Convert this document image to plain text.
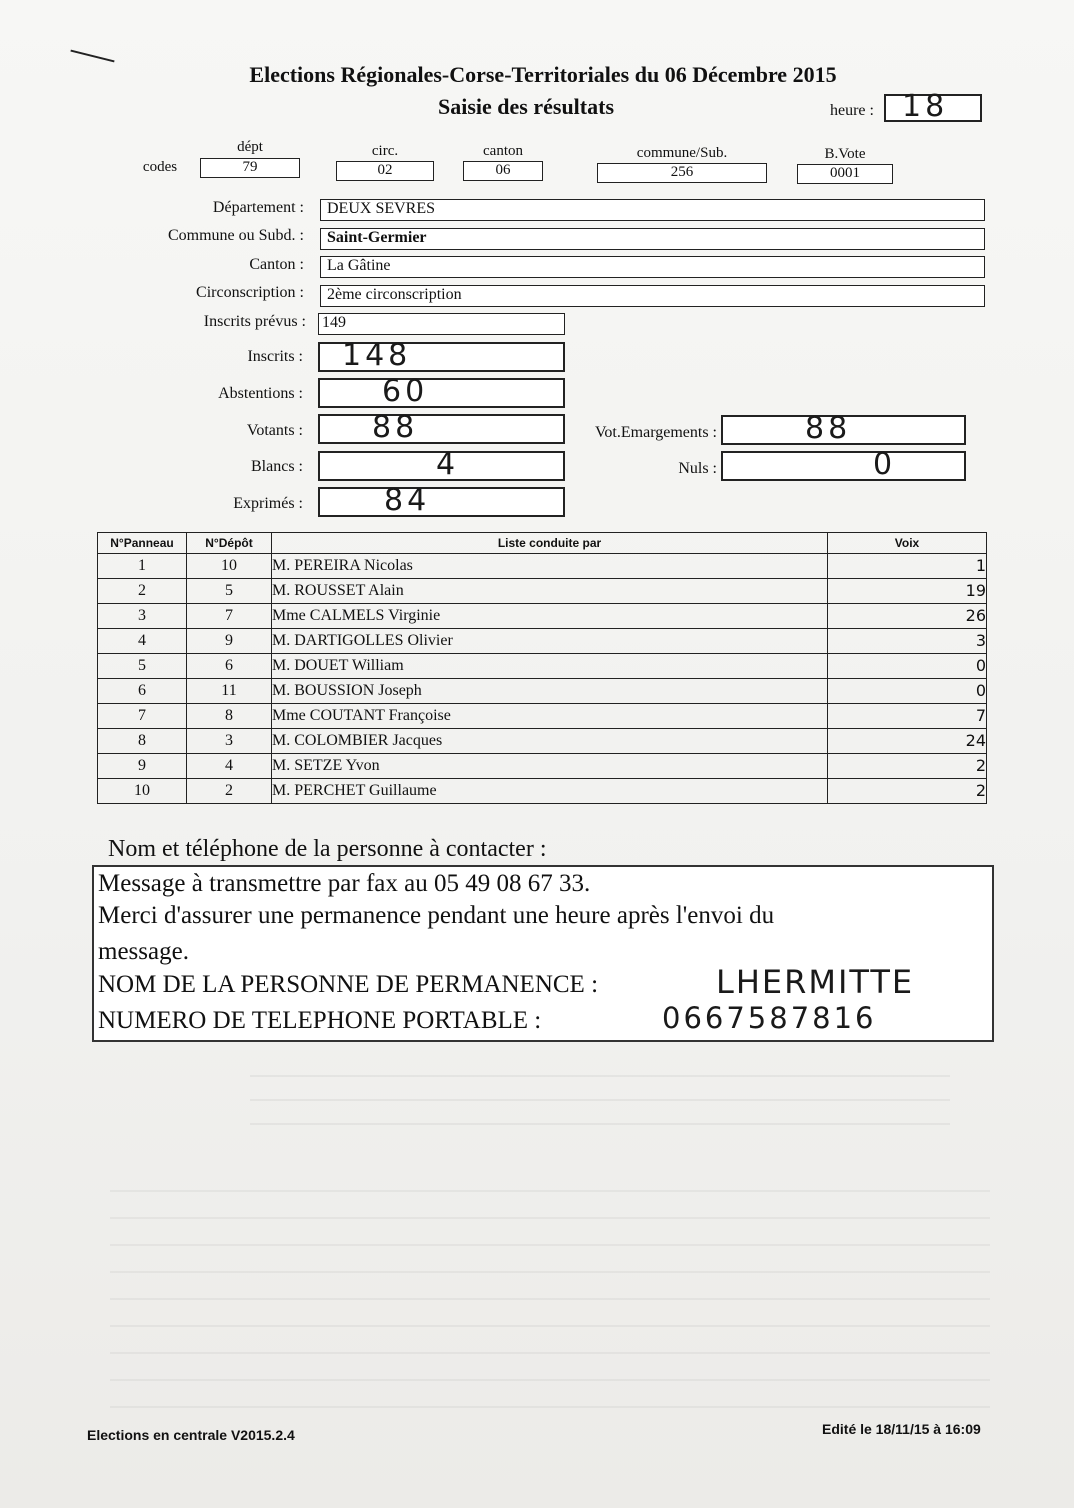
Elections Régionales-Corse-Territoriales du 06 Décembre 2015
Saisie des résultats	heure : 18
codes
dépt
79
circ.
02
canton
06
commune/Sub.
256
B.Vote
0001
Département : DEUX SEVRES
Commune ou Subd. : Saint-Germier
Canton : La Gâtine
Circonscription : 2ème circonscription
Inscrits prévus : 149
Inscrits : 148
Abstentions :	60
Votants : 88	Vot.Emargements :	88
Blancs :	4	Nuls :	0
Exprimés :	84
N°Panneau	N°Dépôt	Liste conduite par	Voix
1	10	M. PEREIRA Nicolas	1
2	5	M. ROUSSET Alain	19
3	7	Mme CALMELS Virginie	26
4	9	M. DARTIGOLLES Olivier	3
5	6	M. DOUET William	0
6	11	M. BOUSSION Joseph	0
7	8	Mme COUTANT Françoise	7
8	3	M. COLOMBIER Jacques	24
9	4	M. SETZE Yvon	2
10	2	M. PERCHET Guillaume	2
Nom et téléphone de la personne à contacter :
Message à transmettre par fax au 05 49 08 67 33.
Merci d'assurer une permanence pendant une heure après l'envoi du
message.
NOM DE LA PERSONNE DE PERMANENCE :	LHERMITTE
NUMERO DE TELEPHONE PORTABLE :	0667587816
Elections en centrale V2015.2.4	Edité le 18/11/15 à 16:09
